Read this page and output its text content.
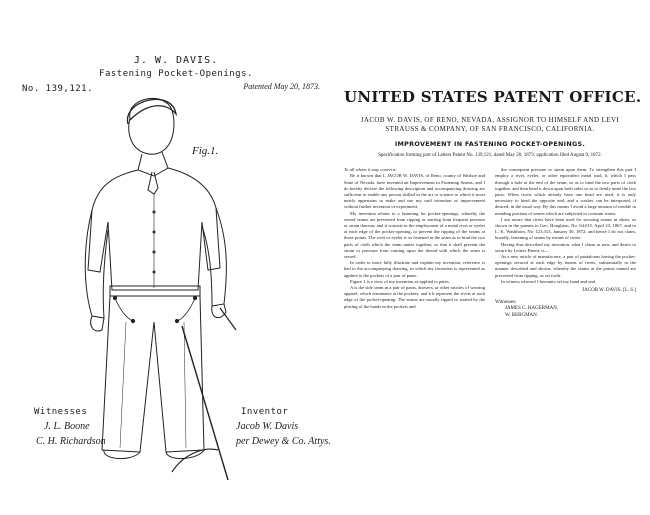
J. W. DAVIS.
Fastening Pocket-Openings.
No. 139,121.	Patented May 20, 1873.
Fig.1.
Witnesses	Inventor
J. L. Boone
C. H. Richardson
Jacob W. Davis
per Dewey & Co. Attys.
UNITED STATES PATENT OFFICE.
JACOB W. DAVIS, OF RENO, NEVADA, ASSIGNOR TO HIMSELF AND LEVI STRAUSS & COMPANY, OF SAN FRANCISCO, CALIFORNIA.
IMPROVEMENT IN FASTENING POCKET-OPENINGS.
Specification forming part of Letters Patent No. 139,121, dated May 20, 1873; application filed August 9, 1872.

To all whom it may concern:

Be it known that I, JACOB W. DAVIS, of Reno, county of Washoe and State of Nevada, have invented an Improvement in Fastening Seams; and I do hereby declare the following description and accompanying drawing are sufficient to enable any person skilled in the art or science to which it most nearly appertains to make and use my said invention or improvement without further invention or experiment.

My invention relates to a fastening for pocket-openings, whereby the sewed seams are prevented from ripping or starting from frequent pressure or strain thereon; and it consists in the employment of a metal rivet or eyelet at each edge of the pocket-opening, to prevent the ripping of the seams at those points. The rivet or eyelet is so fastened in the seam as to bind the two parts of cloth which the seam unites together, so that it shall prevent the strain or pressure from coming upon the thread with which the seam is sewed.

In order to more fully illustrate and explain my invention, reference is had to the accompanying drawing, in which my invention is represented as applied to the pockets of a pair of pants.

Figure 1 is a view of my invention as applied to pants.

A is the side seam in a pair of pants, drawers, or other articles of wearing apparel, which terminates at the pockets; and b b represent the rivets at each edge of the pocket-opening. The seams are usually ripped or started by the placing of the hands in the pockets and

the consequent pressure or strain upon them. To strengthen this part I employ a rivet, eyelet, or other equivalent metal stud, b, which I pass through a hole at the end of the seam, so as to bind the two parts of cloth together, and then head it down upon both sides so as to firmly unite the two parts. When rivets which already have one head are used, it is only necessary to head the opposite end, and a washer can be interposed, if desired, in the usual way. By this means I avoid a large amount of trouble in mending portions of seams which are subjected to constant strain.

I am aware that rivets have been used for securing seams in shoes, as shown in the patents to Geo. Houghton, No. 64,015, April 23, 1867, and to L. K. Washburn, No. 123,313, January 30, 1872; and hence I do not claim, broadly, fastening of seams by means of rivets.

Having thus described my invention, what I claim as new, and desire to secure by Letters Patent, is—

As a new article of manufacture, a pair of pantaloons having the pocket-openings secured at each edge by means of rivets, substantially in the manner described and shown, whereby the seams at the points named are prevented from ripping, as set forth.

In witness whereof I hereunto set my hand and seal.

JACOB W. DAVIS. [L. S.]
Witnesses:
JAMES C. HAGERMAN,
W. BERGMAN.
